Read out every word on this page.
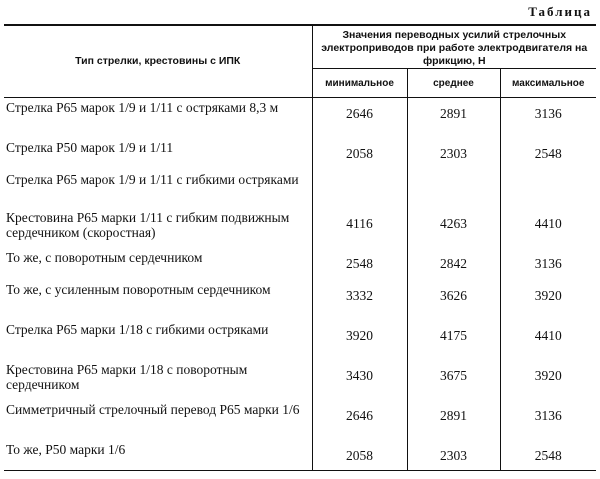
Таблица
Тип стрелки, крестовины с ИПК	Значения переводных усилий стрелочных электроприводов при работе электродвигателя на фрикцию, Н		
	минимальное	среднее	максимальное
Стрелка Р65 марок 1/9 и 1/11 с остряками 8,3 м	2646	2891	3136
Стрелка Р50 марок 1/9 и 1/11	2058	2303	2548
Стрелка Р65 марок 1/9 и 1/11 с гибкими остряками			
Крестовина Р65 марки 1/11 с гибким подвижным сердечником (скоростная)	4116	4263	4410
То же, с поворотным сердечником	2548	2842	3136
То же, с усиленным поворотным сердечником	3332	3626	3920
Стрелка Р65 марки 1/18 с гибкими остряками	3920	4175	4410
Крестовина Р65 марки 1/18 с поворотным сердечником	3430	3675	3920
Симметричный стрелочный перевод Р65 марки 1/6	2646	2891	3136
То же, Р50 марки 1/6	2058	2303	2548
